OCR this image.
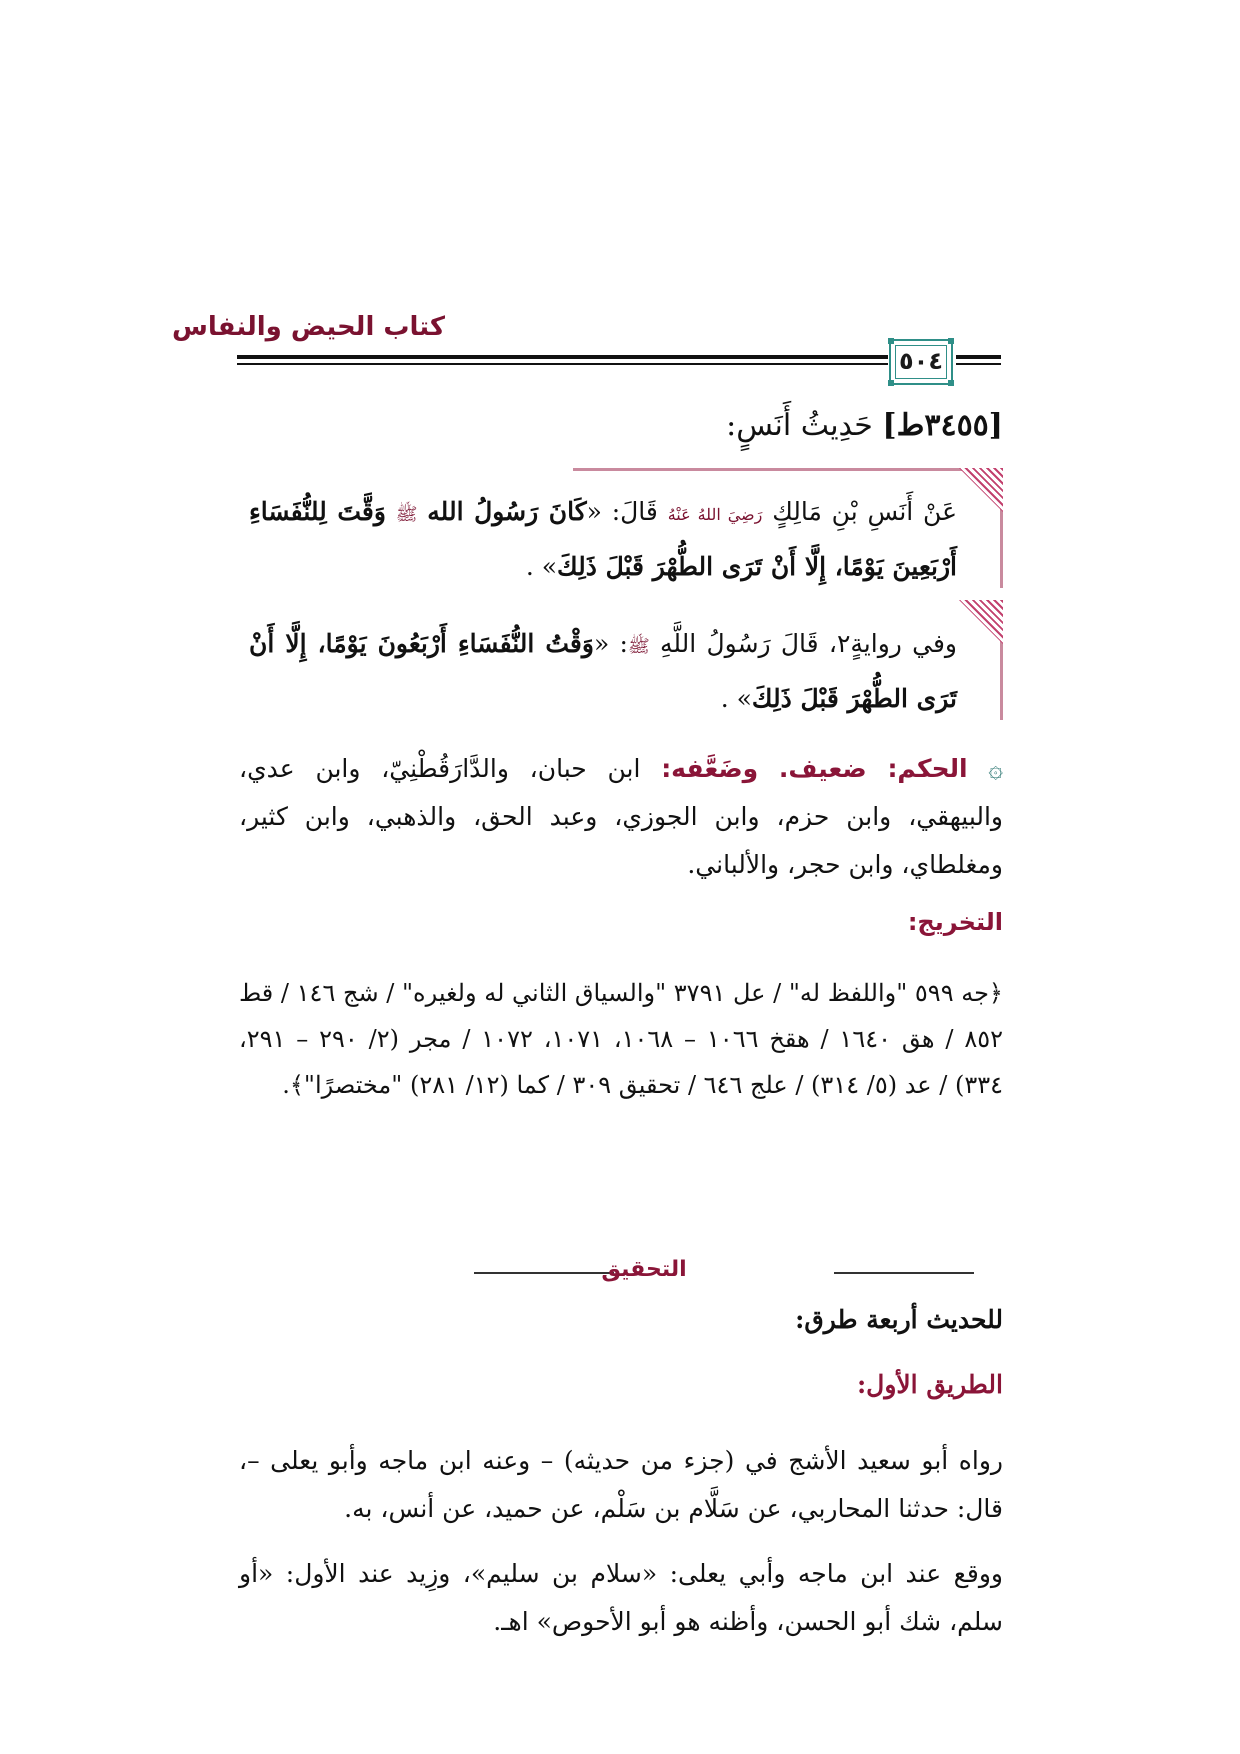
كتاب الحيض والنفاس
٥٠٤
[٣٤٥٥ط] حَدِيثُ أَنَسٍ:
عَنْ أَنَسِ بْنِ مَالِكٍ رَضِيَ اللهُ عَنْهُ قَالَ: «كَانَ رَسُولُ الله ﷺ وَقَّتَ لِلنُّفَسَاءِ أَرْبَعِينَ يَوْمًا، إِلَّا أَنْ تَرَى الطُّهْرَ قَبْلَ ذَلِكَ» .
وفي روايةٍ٢، قَالَ رَسُولُ اللَّهِ ﷺ: «وَقْتُ النُّفَسَاءِ أَرْبَعُونَ يَوْمًا، إِلَّا أَنْ تَرَى الطُّهْرَ قَبْلَ ذَلِكَ» .
۞ الحكم: ضعيف. وضَعَّفه: ابن حبان، والدَّارَقُطْنِيّ، وابن عدي، والبيهقي، وابن حزم، وابن الجوزي، وعبد الحق، والذهبي، وابن كثير، ومغلطاي، وابن حجر، والألباني.
التخريج:
﴿جه ٥٩٩ "واللفظ له" / عل ٣٧٩١ "والسياق الثاني له ولغيره" / شج ١٤٦ / قط ٨٥٢ / هق ١٦٤٠ / هقخ ١٠٦٦ – ١٠٦٨، ١٠٧١، ١٠٧٢ / مجر (٢/ ٢٩٠ – ٢٩١، ٣٣٤) / عد (٥/ ٣١٤) / علج ٦٤٦ / تحقيق ٣٠٩ / كما (١٢/ ٢٨١) "مختصرًا"﴾.
التحقيق
للحديث أربعة طرق:
الطريق الأول:
رواه أبو سعيد الأشج في (جزء من حديثه) – وعنه ابن ماجه وأبو يعلى –، قال: حدثنا المحاربي، عن سَلَّام بن سَلْم، عن حميد، عن أنس، به.
ووقع عند ابن ماجه وأبي يعلى: «سلام بن سليم»، وزِيد عند الأول: «أو سلم، شك أبو الحسن، وأظنه هو أبو الأحوص» اهـ.
